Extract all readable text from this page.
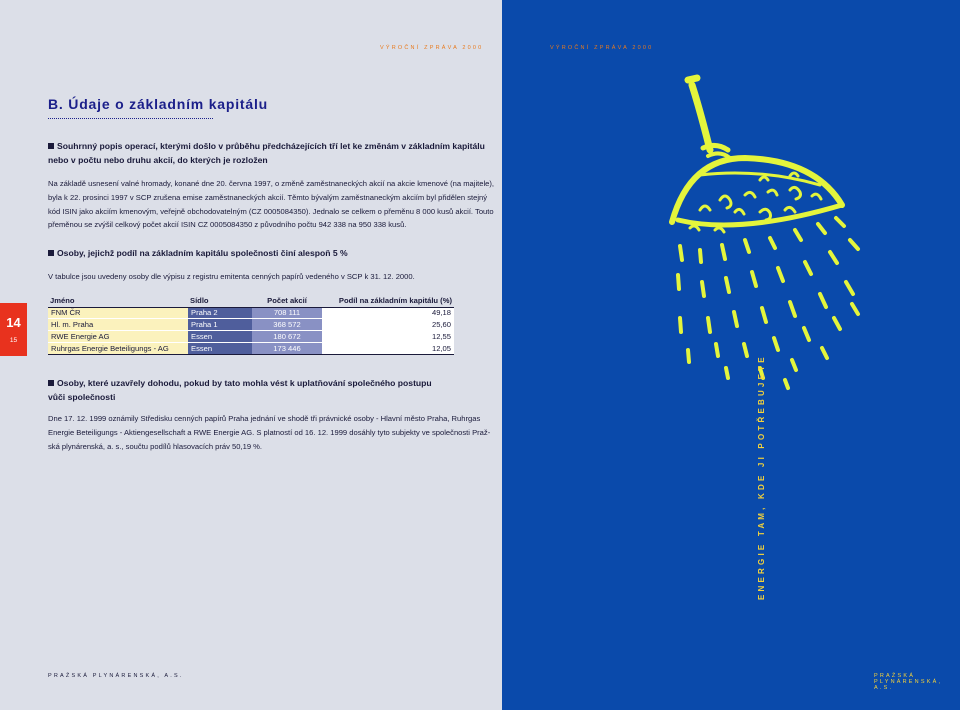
VÝROČNÍ ZPRÁVA 2000
B. Údaje o základním kapitálu
Souhrnný popis operací, kterými došlo v průběhu předcházejících tří let ke změnám v základním kapitálu
nebo v počtu nebo druhu akcií, do kterých je rozložen
Na základě usnesení valné hromady, konané dne 20. června 1997, o změně zaměstnaneckých akcií na akcie kmenové (na majitele),
byla k 22. prosinci 1997 v SCP zrušena emise zaměstnaneckých akcií. Těmto bývalým zaměstnaneckým akciím byl přidělen stejný
kód ISIN jako akciím kmenovým, veřejně obchodovatelným (CZ 0005084350). Jednalo se celkem o přeměnu 8 000 kusů akcií. Touto
přeměnou se zvýšil celkový počet akcií ISIN CZ 0005084350 z původního počtu 942 338 na 950 338 kusů.
Osoby, jejichž podíl na základním kapitálu společnosti činí alespoň 5 %
V tabulce jsou uvedeny osoby dle výpisu z registru emitenta cenných papírů vedeného v SCP k 31. 12. 2000.
Jméno	Sídlo	Počet akcií	Podíl na základním kapitálu (%)
FNM ČR	Praha 2	708 111	49,18
Hl. m. Praha	Praha 1	368 572	25,60
RWE Energie AG	Essen	180 672	12,55
Ruhrgas Energie Beteiligungs - AG	Essen	173 446	12,05
Osoby, které uzavřely dohodu, pokud by tato mohla vést k uplatňování společného postupu
vůči společnosti
Dne 17. 12. 1999 oznámily Středisku cenných papírů Praha jednání ve shodě tři právnické osoby - Hlavní město Praha, Ruhrgas
Energie Beteiligungs - Aktiengesellschaft a RWE Energie AG. S platností od 16. 12. 1999 dosáhly tyto subjekty ve společnosti Praž-
ská plynárenská, a. s., součtu podílů hlasovacích práv 50,19 %.
PRAŽSKÁ PLYNÁRENSKÁ, A.S.
14
15
VÝROČNÍ ZPRÁVA 2000
PRAŽSKÁ PLYNÁRENSKÁ, A.S.
ENERGIE TAM, KDE JI POTŘEBUJETE
